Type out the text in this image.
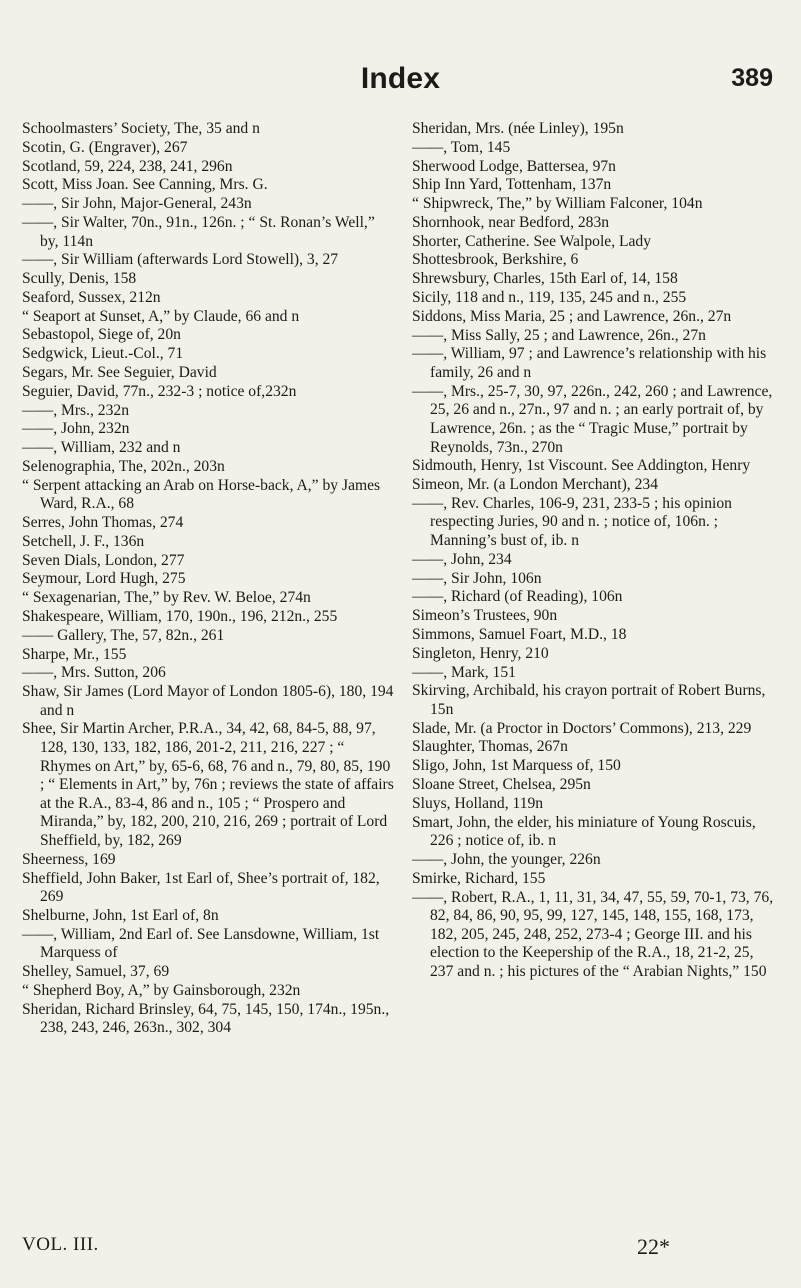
Index	389
Schoolmasters’ Society, The, 35 and n
Scotin, G. (Engraver), 267
Scotland, 59, 224, 238, 241, 296n
Scott, Miss Joan. See Canning, Mrs. G.
——, Sir John, Major-General, 243n
——, Sir Walter, 70n., 91n., 126n. ; “ St. Ronan’s Well,” by, 114n
——, Sir William (afterwards Lord Stowell), 3, 27
Scully, Denis, 158
Seaford, Sussex, 212n
“ Seaport at Sunset, A,” by Claude, 66 and n
Sebastopol, Siege of, 20n
Sedgwick, Lieut.-Col., 71
Segars, Mr. See Seguier, David
Seguier, David, 77n., 232-3 ; notice of,232n
——, Mrs., 232n
——, John, 232n
——, William, 232 and n
Selenographia, The, 202n., 203n
“ Serpent attacking an Arab on Horse-back, A,” by James Ward, R.A., 68
Serres, John Thomas, 274
Setchell, J. F., 136n
Seven Dials, London, 277
Seymour, Lord Hugh, 275
“ Sexagenarian, The,” by Rev. W. Beloe, 274n
Shakespeare, William, 170, 190n., 196, 212n., 255
—— Gallery, The, 57, 82n., 261
Sharpe, Mr., 155
——, Mrs. Sutton, 206
Shaw, Sir James (Lord Mayor of London 1805-6), 180, 194 and n
Shee, Sir Martin Archer, P.R.A., 34, 42, 68, 84-5, 88, 97, 128, 130, 133, 182, 186, 201-2, 211, 216, 227 ; “ Rhymes on Art,” by, 65-6, 68, 76 and n., 79, 80, 85, 190 ; “ Elements in Art,” by, 76n ; reviews the state of affairs at the R.A., 83-4, 86 and n., 105 ; “ Prospero and Miranda,” by, 182, 200, 210, 216, 269 ; portrait of Lord Sheffield, by, 182, 269
Sheerness, 169
Sheffield, John Baker, 1st Earl of, Shee’s portrait of, 182, 269
Shelburne, John, 1st Earl of, 8n
——, William, 2nd Earl of. See Lansdowne, William, 1st Marquess of
Shelley, Samuel, 37, 69
“ Shepherd Boy, A,” by Gainsborough, 232n
Sheridan, Richard Brinsley, 64, 75, 145, 150, 174n., 195n., 238, 243, 246, 263n., 302, 304
Sheridan, Mrs. (née Linley), 195n
——, Tom, 145
Sherwood Lodge, Battersea, 97n
Ship Inn Yard, Tottenham, 137n
“ Shipwreck, The,” by William Falconer, 104n
Shornhook, near Bedford, 283n
Shorter, Catherine. See Walpole, Lady
Shottesbrook, Berkshire, 6
Shrewsbury, Charles, 15th Earl of, 14, 158
Sicily, 118 and n., 119, 135, 245 and n., 255
Siddons, Miss Maria, 25 ; and Lawrence, 26n., 27n
——, Miss Sally, 25 ; and Lawrence, 26n., 27n
——, William, 97 ; and Lawrence’s relationship with his family, 26 and n
——, Mrs., 25-7, 30, 97, 226n., 242, 260 ; and Lawrence, 25, 26 and n., 27n., 97 and n. ; an early portrait of, by Lawrence, 26n. ; as the “ Tragic Muse,” portrait by Reynolds, 73n., 270n
Sidmouth, Henry, 1st Viscount. See Addington, Henry
Simeon, Mr. (a London Merchant), 234
——, Rev. Charles, 106-9, 231, 233-5 ; his opinion respecting Juries, 90 and n. ; notice of, 106n. ; Manning’s bust of, ib. n
——, John, 234
——, Sir John, 106n
——, Richard (of Reading), 106n
Simeon’s Trustees, 90n
Simmons, Samuel Foart, M.D., 18
Singleton, Henry, 210
——, Mark, 151
Skirving, Archibald, his crayon portrait of Robert Burns, 15n
Slade, Mr. (a Proctor in Doctors’ Commons), 213, 229
Slaughter, Thomas, 267n
Sligo, John, 1st Marquess of, 150
Sloane Street, Chelsea, 295n
Sluys, Holland, 119n
Smart, John, the elder, his miniature of Young Roscuis, 226 ; notice of, ib. n
——, John, the younger, 226n
Smirke, Richard, 155
——, Robert, R.A., 1, 11, 31, 34, 47, 55, 59, 70-1, 73, 76, 82, 84, 86, 90, 95, 99, 127, 145, 148, 155, 168, 173, 182, 205, 245, 248, 252, 273-4 ; George III. and his election to the Keepership of the R.A., 18, 21-2, 25, 237 and n. ; his pictures of the “ Arabian Nights,” 150
VOL. III.	22*
